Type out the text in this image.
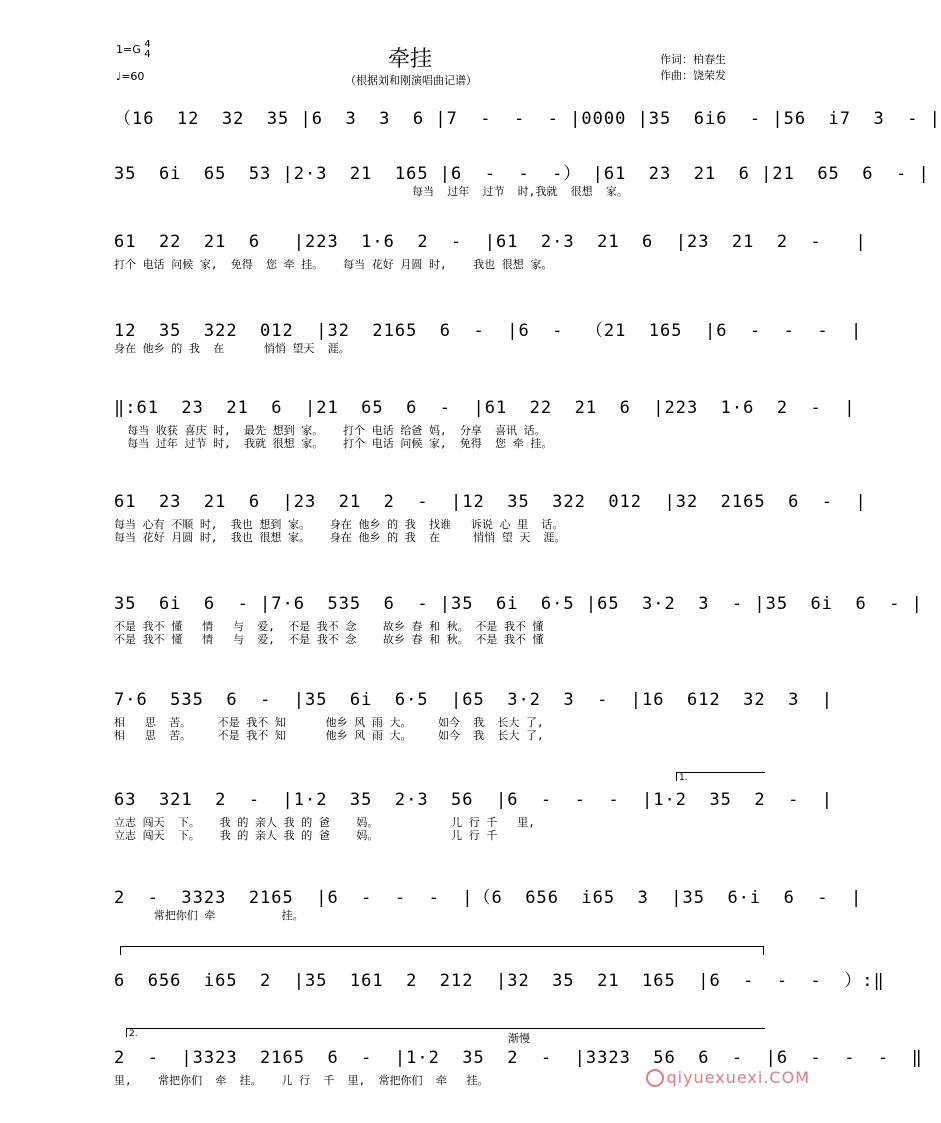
牵挂
（根据刘和刚演唱曲记谱）
1=G 4
4
♩=60
作词：柏春生
作曲：饶荣发
（16  12  32  35 |6  3  3  6 |7  -  -  - |0000 |35  6i6  - |56  i7  3  - |
35  6i  65  53 |2·3  21  165 |6  -  -  -） |61  23  21  6 |21  65  6  - |
每当  过年  过节  时,我就  很想  家。
61  22  21  6   |223  1·6  2  -  |61  2·3  21  6  |23  21  2  -   |
打个 电话 问候 家,  免得  您 牵 挂。   每当 花好 月圆 时,    我也 很想 家。
12  35  322  012  |32  2165  6  -  |6  -  （21  165  |6  -  -  -  |
身在 他乡 的 我  在      悄悄 望天  涯。
‖:61  23  21  6  |21  65  6  -  |61  22  21  6  |223  1·6  2  -  |
每当 收获 喜庆 时,  最先 想到 家。   打个 电话 给爸 妈,  分享  喜讯 话。
每当 过年 过节 时,  我就 很想 家。   打个 电话 问候 家,  免得  您 牵 挂。
61  23  21  6  |23  21  2  -  |12  35  322  012  |32  2165  6  -  |
每当 心有 不顺 时,  我也 想到 家。   身在 他乡 的 我  找谁   诉说 心 里  话。
每当 花好 月圆 时,  我也 很想 家。   身在 他乡 的 我  在     悄悄 望 天  涯。
35  6i  6  - |7·6  535  6  - |35  6i  6·5 |65  3·2  3  - |35  6i  6  - |
不是 我不 懂   情   与  爱,  不是 我不 念    故乡 春 和 秋。 不是 我不 懂
不是 我不 懂   情   与  爱,  不是 我不 念    故乡 春 和 秋。 不是 我不 懂
7·6  535  6  -  |35  6i  6·5  |65  3·2  3  -  |16  612  32  3  |
相   思  苦。    不是 我不 知      他乡 风 雨 大。    如今  我  长大 了,
相   思  苦。    不是 我不 知      他乡 风 雨 大。    如今  我  长大 了,
1.
63  321  2  -  |1·2  35  2·3  56  |6  -  -  -  |1·2  35  2  -  |
立志 闯天  下。   我 的 亲人 我 的 爸    妈。           儿 行 千   里,
立志 闯天  下。   我 的 亲人 我 的 爸    妈。           儿 行 千
2  -  3323  2165  |6  -  -  -  |（6  656  i65  3  |35  6·i  6  -  |
常把你们 牵          挂。
6  656  i65  2  |35  161  2  212  |32  35  21  165  |6  -  -  -  ）:‖
2.	渐慢
2  -  |3323  2165  6  -  |1·2  35  2  -  |3323  56  6  -  |6  -  -  -  ‖
里,    常把你们  牵  挂。   儿 行  千  里,  常把你们  牵   挂。	qiyuexuexi.COM
